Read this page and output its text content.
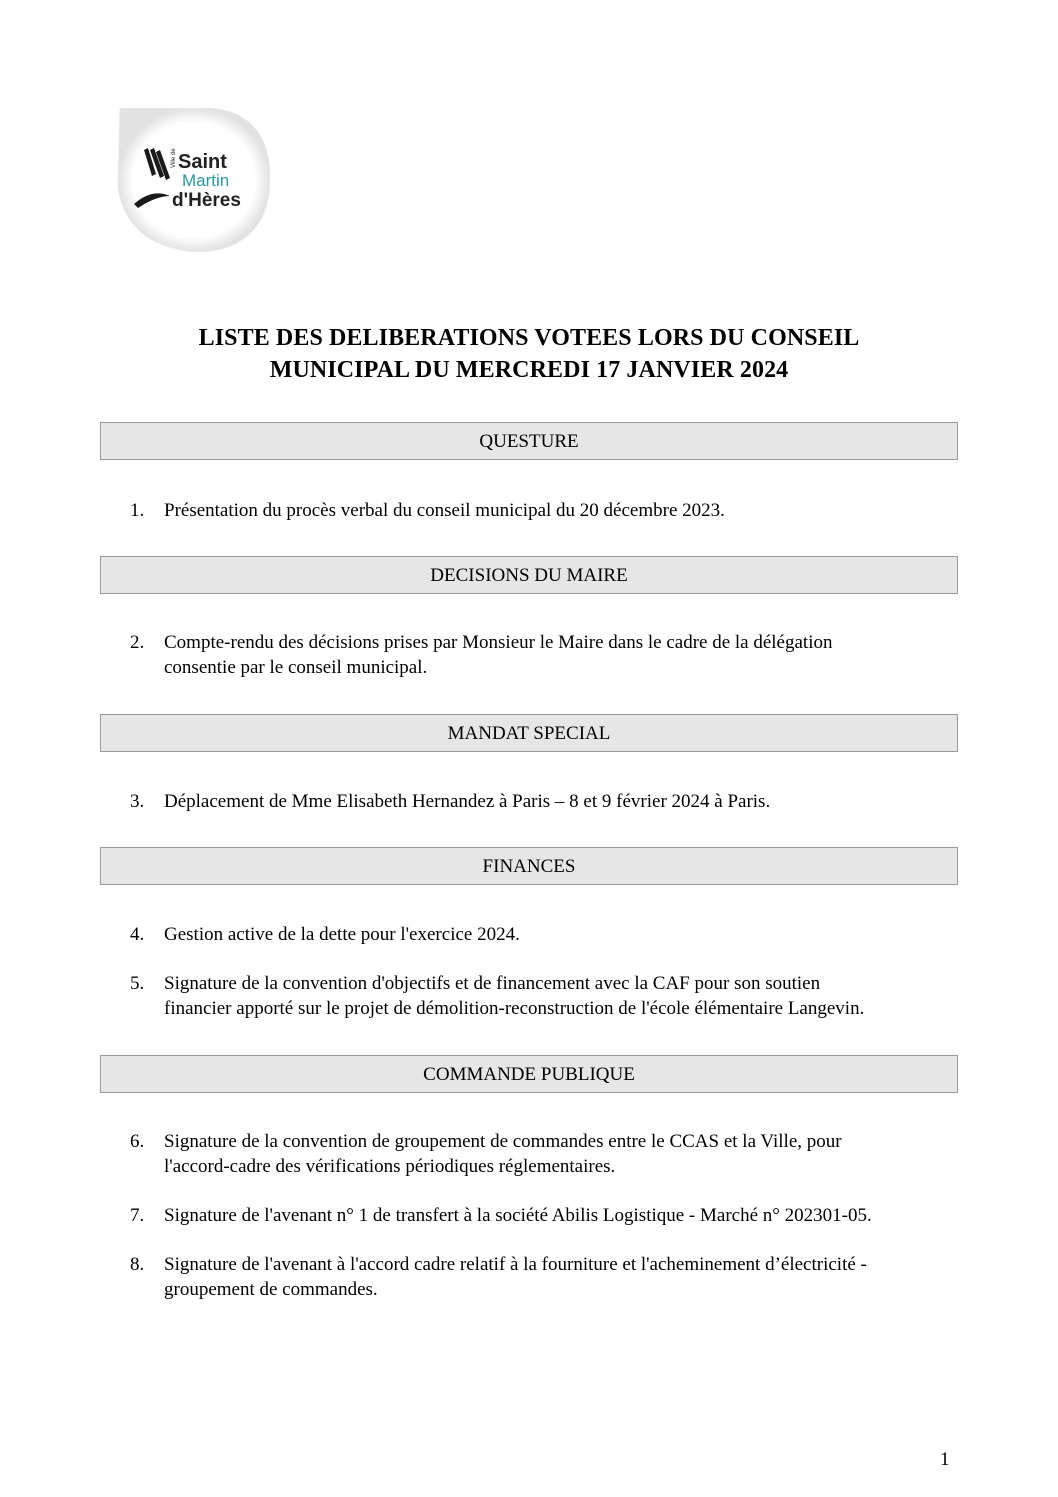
Ville de Saint
Martin
d'Hères
LISTE DES DELIBERATIONS VOTEES LORS DU CONSEIL
MUNICIPAL DU MERCREDI 17 JANVIER 2024
QUESTURE
1.	Présentation du procès verbal du conseil municipal du 20 décembre 2023.
DECISIONS DU MAIRE
2.	Compte-rendu des décisions prises par Monsieur le Maire dans le cadre de la délégation
consentie par le conseil municipal.
MANDAT SPECIAL
3.	Déplacement de Mme Elisabeth Hernandez à Paris – 8 et 9 février 2024 à Paris.
FINANCES
4.	Gestion active de la dette pour l'exercice 2024.
5.	Signature de la convention d'objectifs et de financement avec la CAF pour son soutien
financier apporté sur le projet de démolition-reconstruction de l'école élémentaire Langevin.
COMMANDE PUBLIQUE
6.	Signature de la convention de groupement de commandes entre le CCAS et la Ville, pour
l'accord-cadre des vérifications périodiques réglementaires.
7.	Signature de l'avenant n° 1 de transfert à la société Abilis Logistique - Marché n° 202301-05.
8.	Signature de l'avenant à l'accord cadre relatif à la fourniture et l'acheminement d’électricité -
groupement de commandes.
1
